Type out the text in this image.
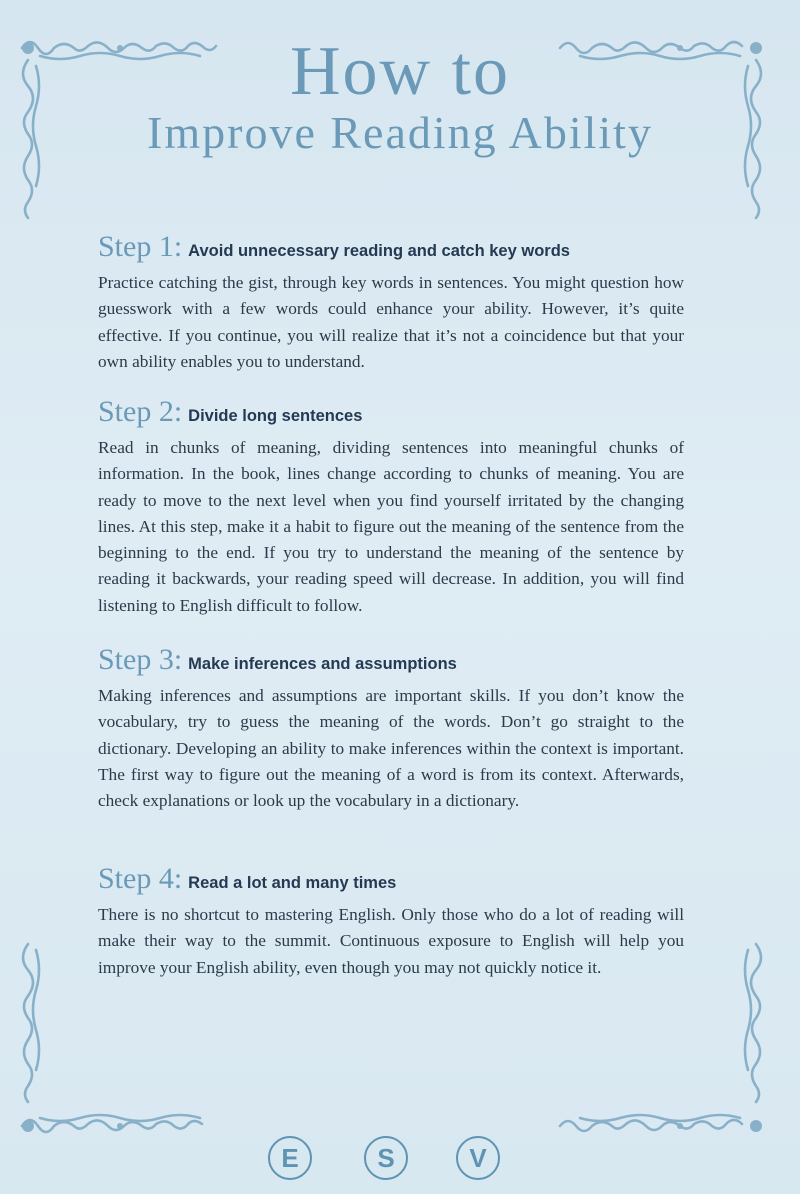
How to
Improve Reading Ability
Step 1: Avoid unnecessary reading and catch key words

Practice catching the gist, through key words in sentences. You might question how guesswork with a few words could enhance your ability. However, it’s quite effective. If you continue, you will realize that it’s not a coincidence but that your own ability enables you to understand.

Step 2: Divide long sentences

Read in chunks of meaning, dividing sentences into meaningful chunks of information. In the book, lines change according to chunks of meaning. You are ready to move to the next level when you find yourself irritated by the changing lines. At this step, make it a habit to figure out the meaning of the sentence from the beginning to the end. If you try to understand the meaning of the sentence by reading it backwards, your reading speed will decrease. In addition, you will find listening to English difficult to follow.

Step 3: Make inferences and assumptions

Making inferences and assumptions are important skills. If you don’t know the vocabulary, try to guess the meaning of the words. Don’t go straight to the dictionary. Developing an ability to make inferences within the context is important. The first way to figure out the meaning of a word is from its context. Afterwards, check explanations or look up the vocabulary in a dictionary.

Step 4: Read a lot and many times

There is no shortcut to mastering English. Only those who do a lot of reading will make their way to the summit. Continuous exposure to English will help you improve your English ability, even though you may not quickly notice it.

E	S	V
